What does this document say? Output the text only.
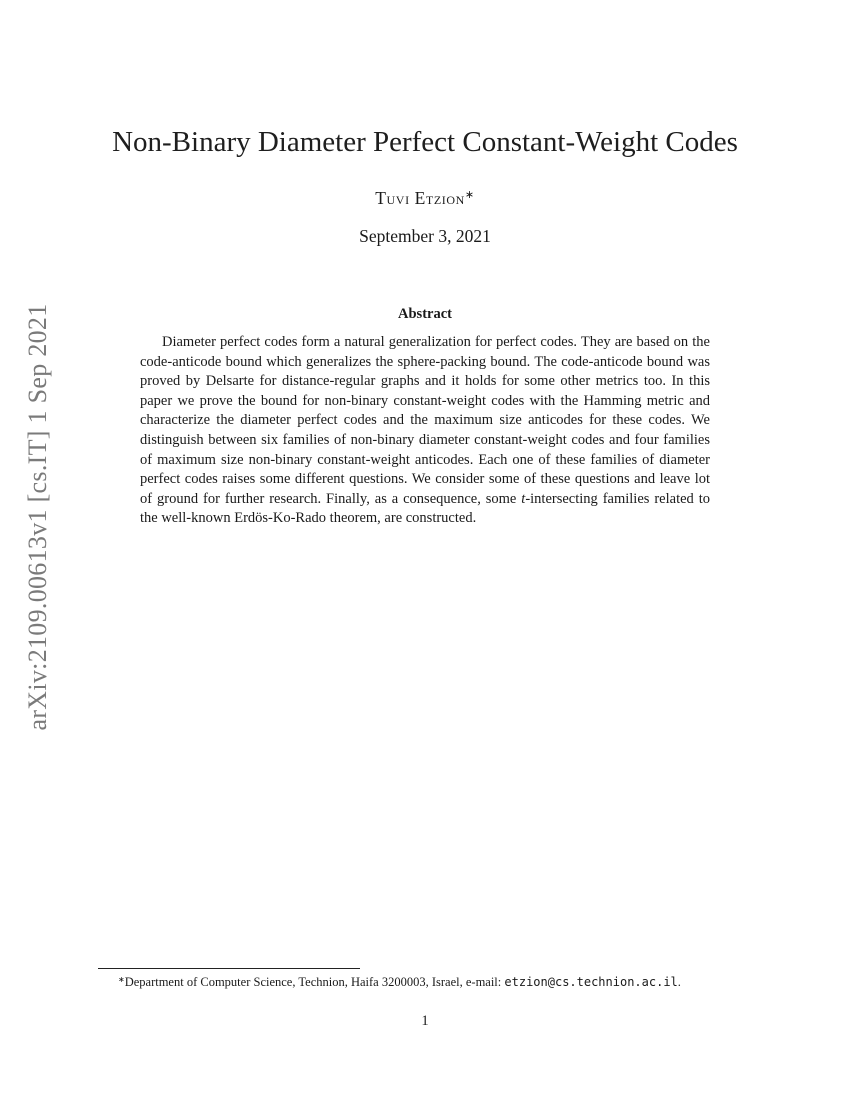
arXiv:2109.00613v1 [cs.IT] 1 Sep 2021
Non-Binary Diameter Perfect Constant-Weight Codes
Tuvi Etzion∗
September 3, 2021
Abstract

Diameter perfect codes form a natural generalization for perfect codes. They are based on the code-anticode bound which generalizes the sphere-packing bound. The code-anticode bound was proved by Delsarte for distance-regular graphs and it holds for some other metrics too. In this paper we prove the bound for non-binary constant-weight codes with the Hamming metric and characterize the diameter perfect codes and the maximum size anticodes for these codes. We distinguish between six families of non-binary diameter constant-weight codes and four families of maximum size non-binary constant-weight anticodes. Each one of these families of diameter perfect codes raises some different questions. We consider some of these questions and leave lot of ground for further research. Finally, as a consequence, some t-intersecting families related to the well-known Erdös-Ko-Rado theorem, are constructed.

∗Department of Computer Science, Technion, Haifa 3200003, Israel, e-mail: etzion@cs.technion.ac.il.
1
